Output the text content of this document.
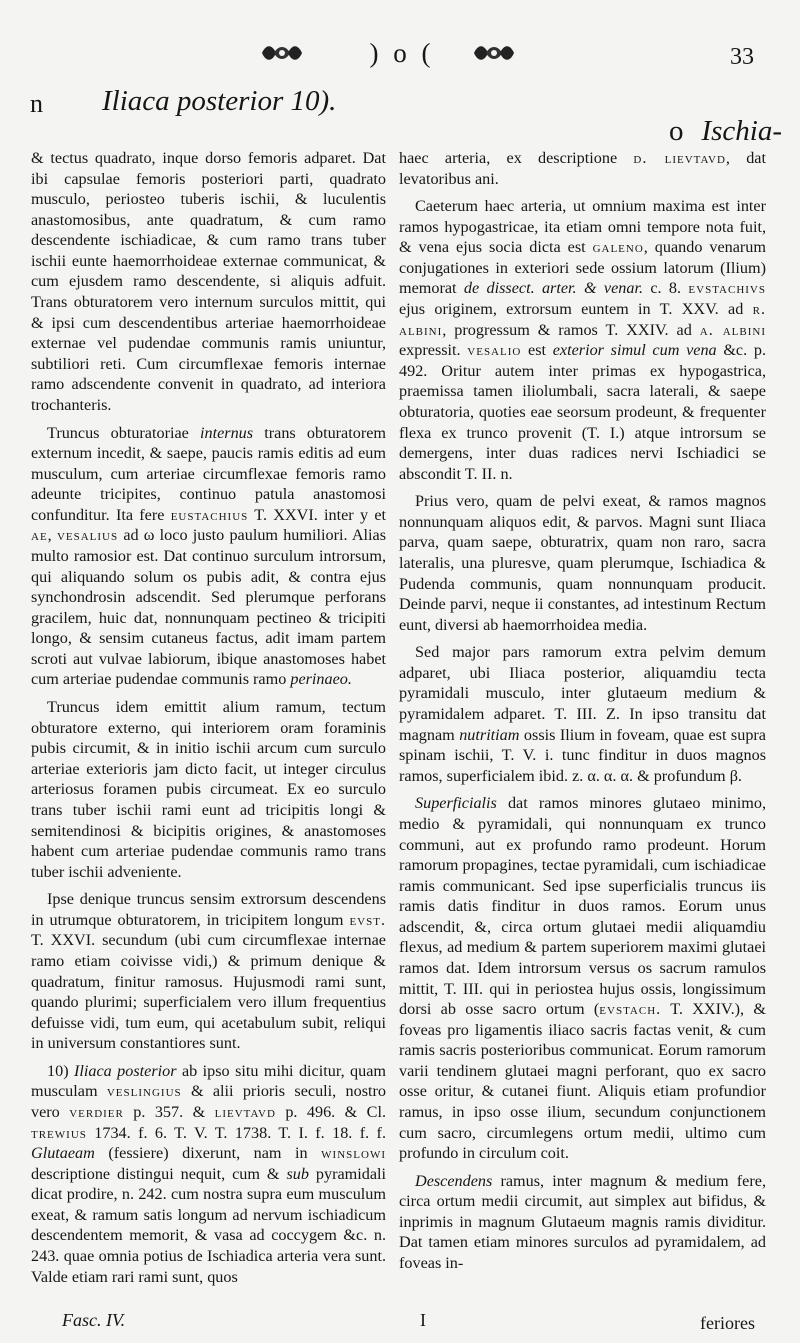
) o (	33
n Iliaca posterior 10).
o Ischia-

& tectus quadrato, inque dorso femoris adparet. Dat ibi capsulae femoris posteriori parti, quadrato musculo, periosteo tuberis ischii, & luculentis anastomosibus, ante quadratum, & cum ramo descendente ischiadicae, & cum ramo trans tuber ischii eunte haemorrhoideae externae communicat, & cum ejusdem ramo descendente, si aliquis adfuit. Trans obturatorem vero internum surculos mittit, qui & ipsi cum descendentibus arteriae haemorrhoideae externae vel pudendae communis ramis uniuntur, subtiliori reti. Cum circumflexae femoris internae ramo adscendente convenit in quadrato, ad interiora trochanteris.

Truncus obturatoriae internus trans obturatorem externum incedit, & saepe, paucis ramis editis ad eum musculum, cum arteriae circumflexae femoris ramo adeunte tricipites, continuo patula anastomosi confunditur. Ita fere eustachius T. XXVI. inter y et ae, vesalius ad ω loco justo paulum humiliori. Alias multo ramosior est. Dat continuo surculum introrsum, qui aliquando solum os pubis adit, & contra ejus synchondrosin adscendit. Sed plerumque perforans gracilem, huic dat, nonnunquam pectineo & tricipiti longo, & sensim cutaneus factus, adit imam partem scroti aut vulvae labiorum, ibique anastomoses habet cum arteriae pudendae communis ramo perinaeo.

Truncus idem emittit alium ramum, tectum obturatore externo, qui interiorem oram foraminis pubis circumit, & in initio ischii arcum cum surculo arteriae exterioris jam dicto facit, ut integer circulus arteriosus foramen pubis circumeat. Ex eo surculo trans tuber ischii rami eunt ad tricipitis longi & semitendinosi & bicipitis origines, & anastomoses habent cum arteriae pudendae communis ramo trans tuber ischii adveniente.

Ipse denique truncus sensim extrorsum descendens in utrumque obturatorem, in tricipitem longum evst. T. XXVI. secundum (ubi cum circumflexae internae ramo etiam coivisse vidi,) & primum denique & quadratum, finitur ramosus. Hujusmodi rami sunt, quando plurimi; superficialem vero illum frequentius defuisse vidi, tum eum, qui acetabulum subit, reliqui in universum constantiores sunt.

10) Iliaca posterior ab ipso situ mihi dicitur, quam musculam veslingius & alii prioris seculi, nostro vero verdier p. 357. & lievtavd p. 496. & Cl. trewius 1734. f. 6. T. V. T. 1738. T. I. f. 18. f. f. Glutaeam (fessiere) dixerunt, nam in winslowi descriptione distingui nequit, cum & sub pyramidali dicat prodire, n. 242. cum nostra supra eum musculum exeat, & ramum satis longum ad nervum ischiadicum descendentem memorit, & vasa ad coccygem &c. n. 243. quae omnia potius de Ischiadica arteria vera sunt. Valde etiam rari rami sunt, quos

haec arteria, ex descriptione d. lievtavd, dat levatoribus ani.

Caeterum haec arteria, ut omnium maxima est inter ramos hypogastricae, ita etiam omni tempore nota fuit, & vena ejus socia dicta est galeno, quando venarum conjugationes in exteriori sede ossium latorum (Ilium) memorat de dissect. arter. & venar. c. 8. evstachivs ejus originem, extrorsum euntem in T. XXV. ad r. albini, progressum & ramos T. XXIV. ad a. albini expressit. vesalio est exterior simul cum vena &c. p. 492. Oritur autem inter primas ex hypogastrica, praemissa tamen iliolumbali, sacra laterali, & saepe obturatoria, quoties eae seorsum prodeunt, & frequenter flexa ex trunco provenit (T. I.) atque introrsum se demergens, inter duas radices nervi Ischiadici se abscondit T. II. n.

Prius vero, quam de pelvi exeat, & ramos magnos nonnunquam aliquos edit, & parvos. Magni sunt Iliaca parva, quam saepe, obturatrix, quam non raro, sacra lateralis, una pluresve, quam plerumque, Ischiadica & Pudenda communis, quam nonnunquam producit. Deinde parvi, neque ii constantes, ad intestinum Rectum eunt, diversi ab haemorrhoidea media.

Sed major pars ramorum extra pelvim demum adparet, ubi Iliaca posterior, aliquamdiu tecta pyramidali musculo, inter glutaeum medium & pyramidalem adparet. T. III. Z. In ipso transitu dat magnam nutritiam ossis Ilium in foveam, quae est supra spinam ischii, T. V. i. tunc finditur in duos magnos ramos, superficialem ibid. z. α. α. α. & profundum β.

Superficialis dat ramos minores glutaeo minimo, medio & pyramidali, qui nonnunquam ex trunco communi, aut ex profundo ramo prodeunt. Horum ramorum propagines, tectae pyramidali, cum ischiadicae ramis communicant. Sed ipse superficialis truncus iis ramis datis finditur in duos ramos. Eorum unus adscendit, &, circa ortum glutaei medii aliquamdiu flexus, ad medium & partem superiorem maximi glutaei ramos dat. Idem introrsum versus os sacrum ramulos mittit, T. III. qui in periostea hujus ossis, longissimum dorsi ab osse sacro ortum (evstach. T. XXIV.), & foveas pro ligamentis iliaco sacris factas venit, & cum ramis sacris posterioribus communicat. Eorum ramorum varii tendinem glutaei magni perforant, quo ex sacro osse oritur, & cutanei fiunt. Aliquis etiam profundior ramus, in ipso osse ilium, secundum conjunctionem cum sacro, circumlegens ortum medii, ultimo cum profundo in circulum coit.

Descendens ramus, inter magnum & medium fere, circa ortum medii circumit, aut simplex aut bifidus, & inprimis in magnum Glutaeum magnis ramis dividitur. Dat tamen etiam minores surculos ad pyramidalem, ad foveas in-

Fasc. IV.	I	feriores
